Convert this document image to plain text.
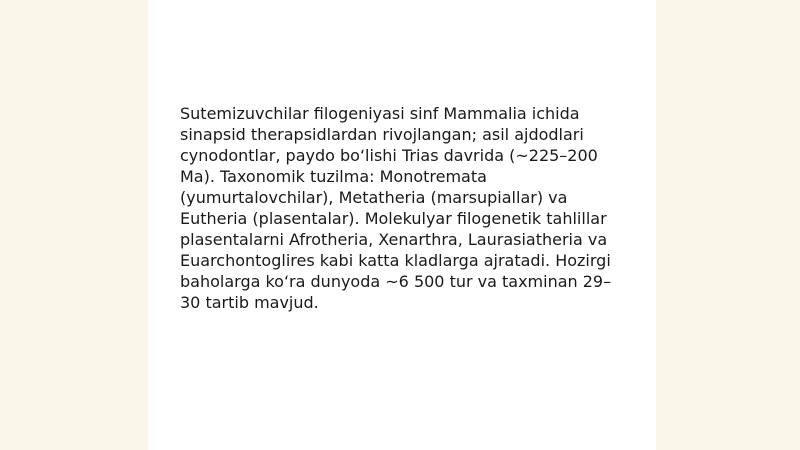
Sutemizuvchilar filogeniyasi sinf Mammalia ichida sinapsid therapsidlardan rivojlangan; asil ajdodlari cynodontlar, paydo bo‘lishi Trias davrida (~225–200 Ma). Taxonomik tuzilma: Monotremata (yumurtalovchilar), Metatheria (marsupiallar) va Eutheria (plasentalar). Molekulyar filogenetik tahlillar plasentalarni Afrotheria, Xenarthra, Laurasiatheria va Euarchontoglires kabi katta kladlarga ajratadi. Hozirgi baholarga ko‘ra dunyoda ~6 500 tur va taxminan 29–30 tartib mavjud.
